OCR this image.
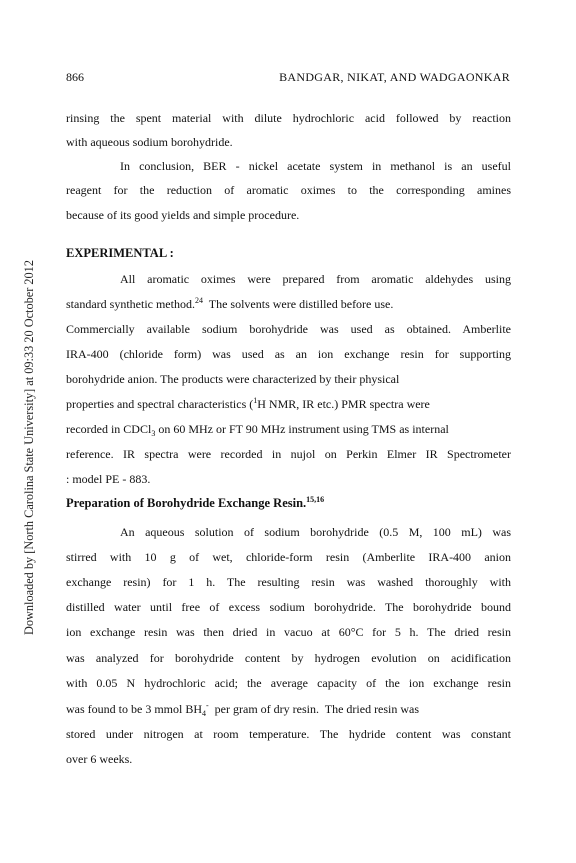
866	BANDGAR, NIKAT, AND WADGAONKAR
Downloaded by [North Carolina State University] at 09:33 20 October 2012
rinsing the spent material with dilute hydrochloric acid followed by reaction
with aqueous sodium borohydride.
In conclusion, BER - nickel acetate system in methanol is an useful
reagent for the reduction of aromatic oximes to the corresponding amines
because of its good yields and simple procedure.
EXPERIMENTAL :
All aromatic oximes were prepared from aromatic aldehydes using
standard synthetic method.$^{24}$  The solvents were distilled before use.
Commercially available sodium borohydride was used as obtained. Amberlite
IRA-400 (chloride form) was used as an ion exchange resin for supporting
borohydride anion. The products were characterized by their physical
properties and spectral characteristics ($^1$H NMR, IR etc.) PMR spectra were
recorded in CDCl$_3$ on 60 MHz or FT 90 MHz instrument using TMS as internal
reference. IR spectra were recorded in nujol on Perkin Elmer IR Spectrometer
: model PE - 883.
Preparation of Borohydride Exchange Resin.$^{15,16}$
An aqueous solution of sodium borohydride (0.5 M, 100 mL) was
stirred with 10 g of wet, chloride-form resin (Amberlite IRA-400 anion
exchange resin) for 1 h. The resulting resin was washed thoroughly with
distilled water until free of excess sodium borohydride. The borohydride bound
ion exchange resin was then dried in vacuo at 60°C for 5 h. The dried resin
was analyzed for borohydride content by hydrogen evolution on acidification
with 0.05 N hydrochloric acid; the average capacity of the ion exchange resin
was found to be 3 mmol $BH_4^-$  per gram of dry resin.  The dried resin was
stored under nitrogen at room temperature. The hydride content was constant
over 6 weeks.
